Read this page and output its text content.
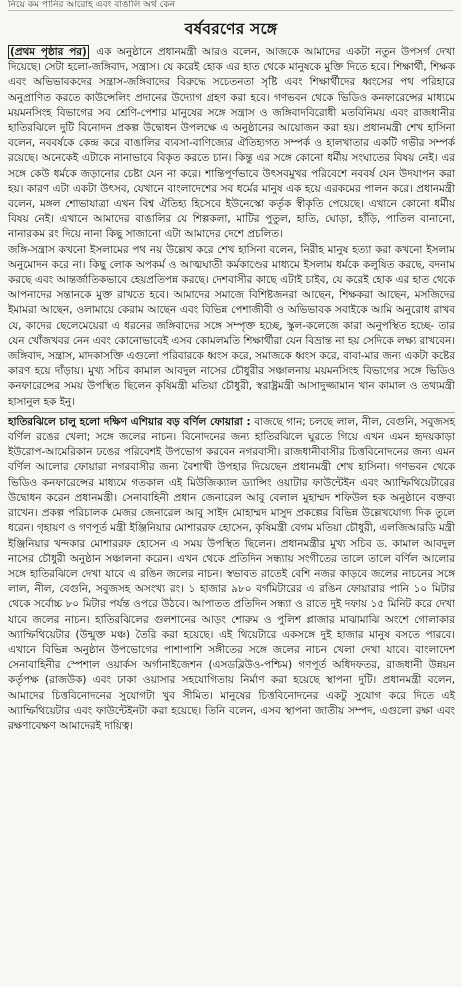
নিয়ে কম পানির আরোহ এবং বাঙালি অর্থ কেন
বর্ষবরণের সঙ্গে

(প্রথম পৃষ্ঠার পর) এক অনুষ্ঠানে প্রধানমন্ত্রী আরও বলেন, আজকে আমাদের একটা নতুন উপসর্গ দেখা দিয়েছে। সেটা হলো-জঙ্গিবাদ, সন্ত্রাস। যে করেই হোক এর হাত থেকে মানুষকে মুক্তি দিতে হবে। শিক্ষার্থী, শিক্ষক এবং অভিভাবকদের সন্ত্রাস-জঙ্গিবাদের বিরুদ্ধে সচেতনতা সৃষ্টি এবং শিক্ষার্থীদের ধ্বংসের পথ পরিহারে অনুপ্রাণিত করতে কাউন্সেলিং প্রদানের উদ্যোগ গ্রহণ করা হবে। গণভবন থেকে ভিডিও কনফারেন্সের মাধ্যমে ময়মনসিংহ বিভাগের সব শ্রেণি-পেশার মানুষের সঙ্গে সন্ত্রাস ও জঙ্গিবাদবিরোধী মতবিনিময় এবং রাজধানীর হাতিরঝিলে দুটি বিনোদন প্রকল্প উদ্বোধন উপলক্ষে এ অনুষ্ঠানের আয়োজন করা হয়। প্রধানমন্ত্রী শেখ হাসিনা বলেন, নববর্ষকে কেন্দ্র করে বাঙালির ব্যবসা-বাণিজ্যের ঐতিহ্যগত সম্পর্ক ও হালখাতার একটি গভীর সম্পর্ক রয়েছে। অনেকেই এটাকে নানাভাবে বিকৃত করতে চান। কিন্তু এর সঙ্গে কোনো ধর্মীয় সংঘাতের বিষয় নেই। এর সঙ্গে কেউ ধর্মকে জড়ানোর চেষ্টা যেন না করে। শান্তিপূর্ণভাবে উৎসবমুখর পরিবেশে নববর্ষ যেন উদযাপন করা হয়। কারণ এটা একটা উৎসব, যেখানে বাংলাদেশের সব ধর্মের মানুষ এক হয়ে এরকমের পালন করে। প্রধানমন্ত্রী বলেন, মঙ্গল শোভাযাত্রা এখন বিশ্ব ঐতিহ্য হিসেবে ইউনেস্কো কর্তৃক স্বীকৃতি পেয়েছে। এখানে কোনো ধর্মীয় বিষয় নেই। এখানে আমাদের বাঙালির যে শিল্পকলা, মাটির পুতুল, হাতি, ঘোড়া, হাঁড়ি, পাতিল বানানো, নানারকম রং দিয়ে নানা কিছু সাজানো এটা আমাদের দেশে প্রচলিত।

জঙ্গি-সন্ত্রাস কখনো ইসলামের পথ নয় উল্লেখ করে শেখ হাসিনা বলেন, নিরীহ মানুষ হত্যা করা কখনো ইসলাম অনুমোদন করে না। কিছু লোক অপকর্ম ও আত্মঘাতী কর্মকাণ্ডের মাধ্যমে ইসলাম ধর্মকে কলুষিত করছে, বদনাম করছে এবং আন্তর্জাতিকভাবে হেয়প্রতিপন্ন করছে। দেশবাসীর কাছে এটাই চাইব, যে করেই হোক এর হাত থেকে আপনাদের সন্তানকে মুক্ত রাখতে হবে। আমাদের সমাজে বিশিষ্টজনরা আছেন, শিক্ষকরা আছেন, মসজিদের ইমামরা আছেন, ওলামায়ে কেরাম আছেন এবং বিভিন্ন পেশাজীবী ও অভিভাবক সবাইকে আমি অনুরোধ রাখব যে, কাদের ছেলেমেয়েরা এ ধরনের জঙ্গিবাদের সঙ্গে সম্পৃক্ত হচ্ছে, স্কুল-কলেজে কারা অনুপস্থিত হচ্ছে- তার যেন খোঁজখবর নেন এবং কোনোভাবেই এসব কোমলমতি শিক্ষার্থীরা যেন বিভ্রান্ত না হয় সেদিকে লক্ষ্য রাখবেন। জঙ্গিবাদ, সন্ত্রাস, মাদকাসক্তি এগুলো পরিবারকে ধ্বংস করে, সমাজকে ধ্বংস করে, বাবা-মার জন্য একটা কষ্টের কারণ হয়ে দাঁড়ায়। মুখ্য সচিব কামাল আবদুল নাসের চৌধুরীর সঞ্চালনায় ময়মনসিংহ বিভাগের সঙ্গে ভিডিও কনফারেন্সের সময় উপস্থিত ছিলেন কৃষিমন্ত্রী মতিয়া চৌধুরী, স্বরাষ্ট্রমন্ত্রী আসাদুজ্জামান খান কামাল ও তথ্যমন্ত্রী হাসানুল হক ইনু।

হাতিরঝিলে চালু হলো দক্ষিণ এশিয়ার বড় বর্ণিল ফোয়ারা : বাজছে গান; চলছে লাল, নীল, বেগুনি, সবুজসহ বর্ণিল রঙের খেলা; সঙ্গে জলের নাচন। বিনোদনের জন্য হাতিরঝিলে ঘুরতে গিয়ে এখন এমন হৃদয়কাড়া ইউরোপ-আমেরিকান ঢঙের পরিবেশই উপভোগ করবেন নগরবাসী। রাজধানীবাসীর চিত্তবিনোদনের জন্য এমন বর্ণিল আলোর ফোয়ারা নগরবাসীর জন্য বৈশাখী উপহার দিয়েছেন প্রধানমন্ত্রী শেখ হাসিনা। গণভবন থেকে ভিডিও কনফারেন্সের মাধ্যমে গতকাল এই মিউজিক্যাল ড্যান্সিং ওয়াটার ফাউন্টেইন এবং অ্যাম্ফিথিয়েটারের উদ্বোধন করেন প্রধানমন্ত্রী। সেনাবাহিনী প্রধান জেনারেল আবু বেলাল মুহাম্মদ শফিউল হক অনুষ্ঠানে বক্তব্য রাখেন। প্রকল্প পরিচালক মেজর জেনারেল আবু সাইদ মোহাম্মদ মাসুদ প্রকল্পের বিভিন্ন উল্লেখযোগ্য দিক তুলে ধরেন। গৃহায়ণ ও গণপূর্ত মন্ত্রী ইঞ্জিনিয়ার মোশাররফ হোসেন, কৃষিমন্ত্রী বেগম মতিয়া চৌধুরী, এলজিআরডি মন্ত্রী ইঞ্জিনিয়ার খন্দকার মোশাররফ হোসেন এ সময় উপস্থিত ছিলেন। প্রধানমন্ত্রীর মুখ্য সচিব ড. কামাল আবদুল নাসের চৌধুরী অনুষ্ঠান সঞ্চালনা করেন। এখন থেকে প্রতিদিন সন্ধ্যায় সংগীতের তালে তালে বর্ণিল আলোর সঙ্গে হাতিরঝিলে দেখা যাবে এ রঙিন জলের নাচন। স্বভাবত রাতেই বেশি নজর কাড়বে জলের নাচনের সঙ্গে লাল, নীল, বেগুনি, সবুজসহ অসংখ্য রং। ১ হাজার ৯৮০ বর্গমিটারের এ রঙিন ফোয়ারার পানি ১০ মিটার থেকে সর্বোচ্চ ৮০ মিটার পর্যন্ত ওপরে উঠবে। আপাতত প্রতিদিন সন্ধ্যা ও রাতে দুই দফায় ১৫ মিনিট করে দেখা যাবে জলের নাচন। হাতিরঝিলের গুলশানের আড়ং শোরুম ও পুলিশ প্লাজার মাঝামাঝি অংশে গোলাকার অ্যাম্ফিথিয়েটার (উন্মুক্ত মঞ্চ) তৈরি করা হয়েছে। এই থিয়েটারে একসঙ্গে দুই হাজার মানুষ বসতে পারবে। এখানে বিভিন্ন অনুষ্ঠান উপভোগের পাশাপাশি সঙ্গীতের সঙ্গে জলের নাচন খেলা দেখা যাবে। বাংলাদেশ সেনাবাহিনীর স্পেশাল ওয়ার্কস অর্গানাইজেশন (এসডব্লিউও-পশ্চিম) গণপূর্ত অধিদফতর, রাজধানী উন্নয়ন কর্তৃপক্ষ (রাজউক) এবং ঢাকা ওয়াসার সহযোগিতায় নির্মাণ করা হয়েছে স্থাপনা দুটি। প্রধানমন্ত্রী বলেন, আমাদের চিত্তবিনোদনের সুযোগটা খুব সীমিত। মানুষের চিত্তবিনোদনের একটু সুযোগ করে দিতে এই অ্যাম্ফিথিয়েটার এবং ফাউন্টেইনটা করা হয়েছে। তিনি বলেন, এসব স্থাপনা জাতীয় সম্পদ, এগুলো রক্ষা এবং রক্ষণাবেক্ষণ আমাদেরই দায়িত্ব।
